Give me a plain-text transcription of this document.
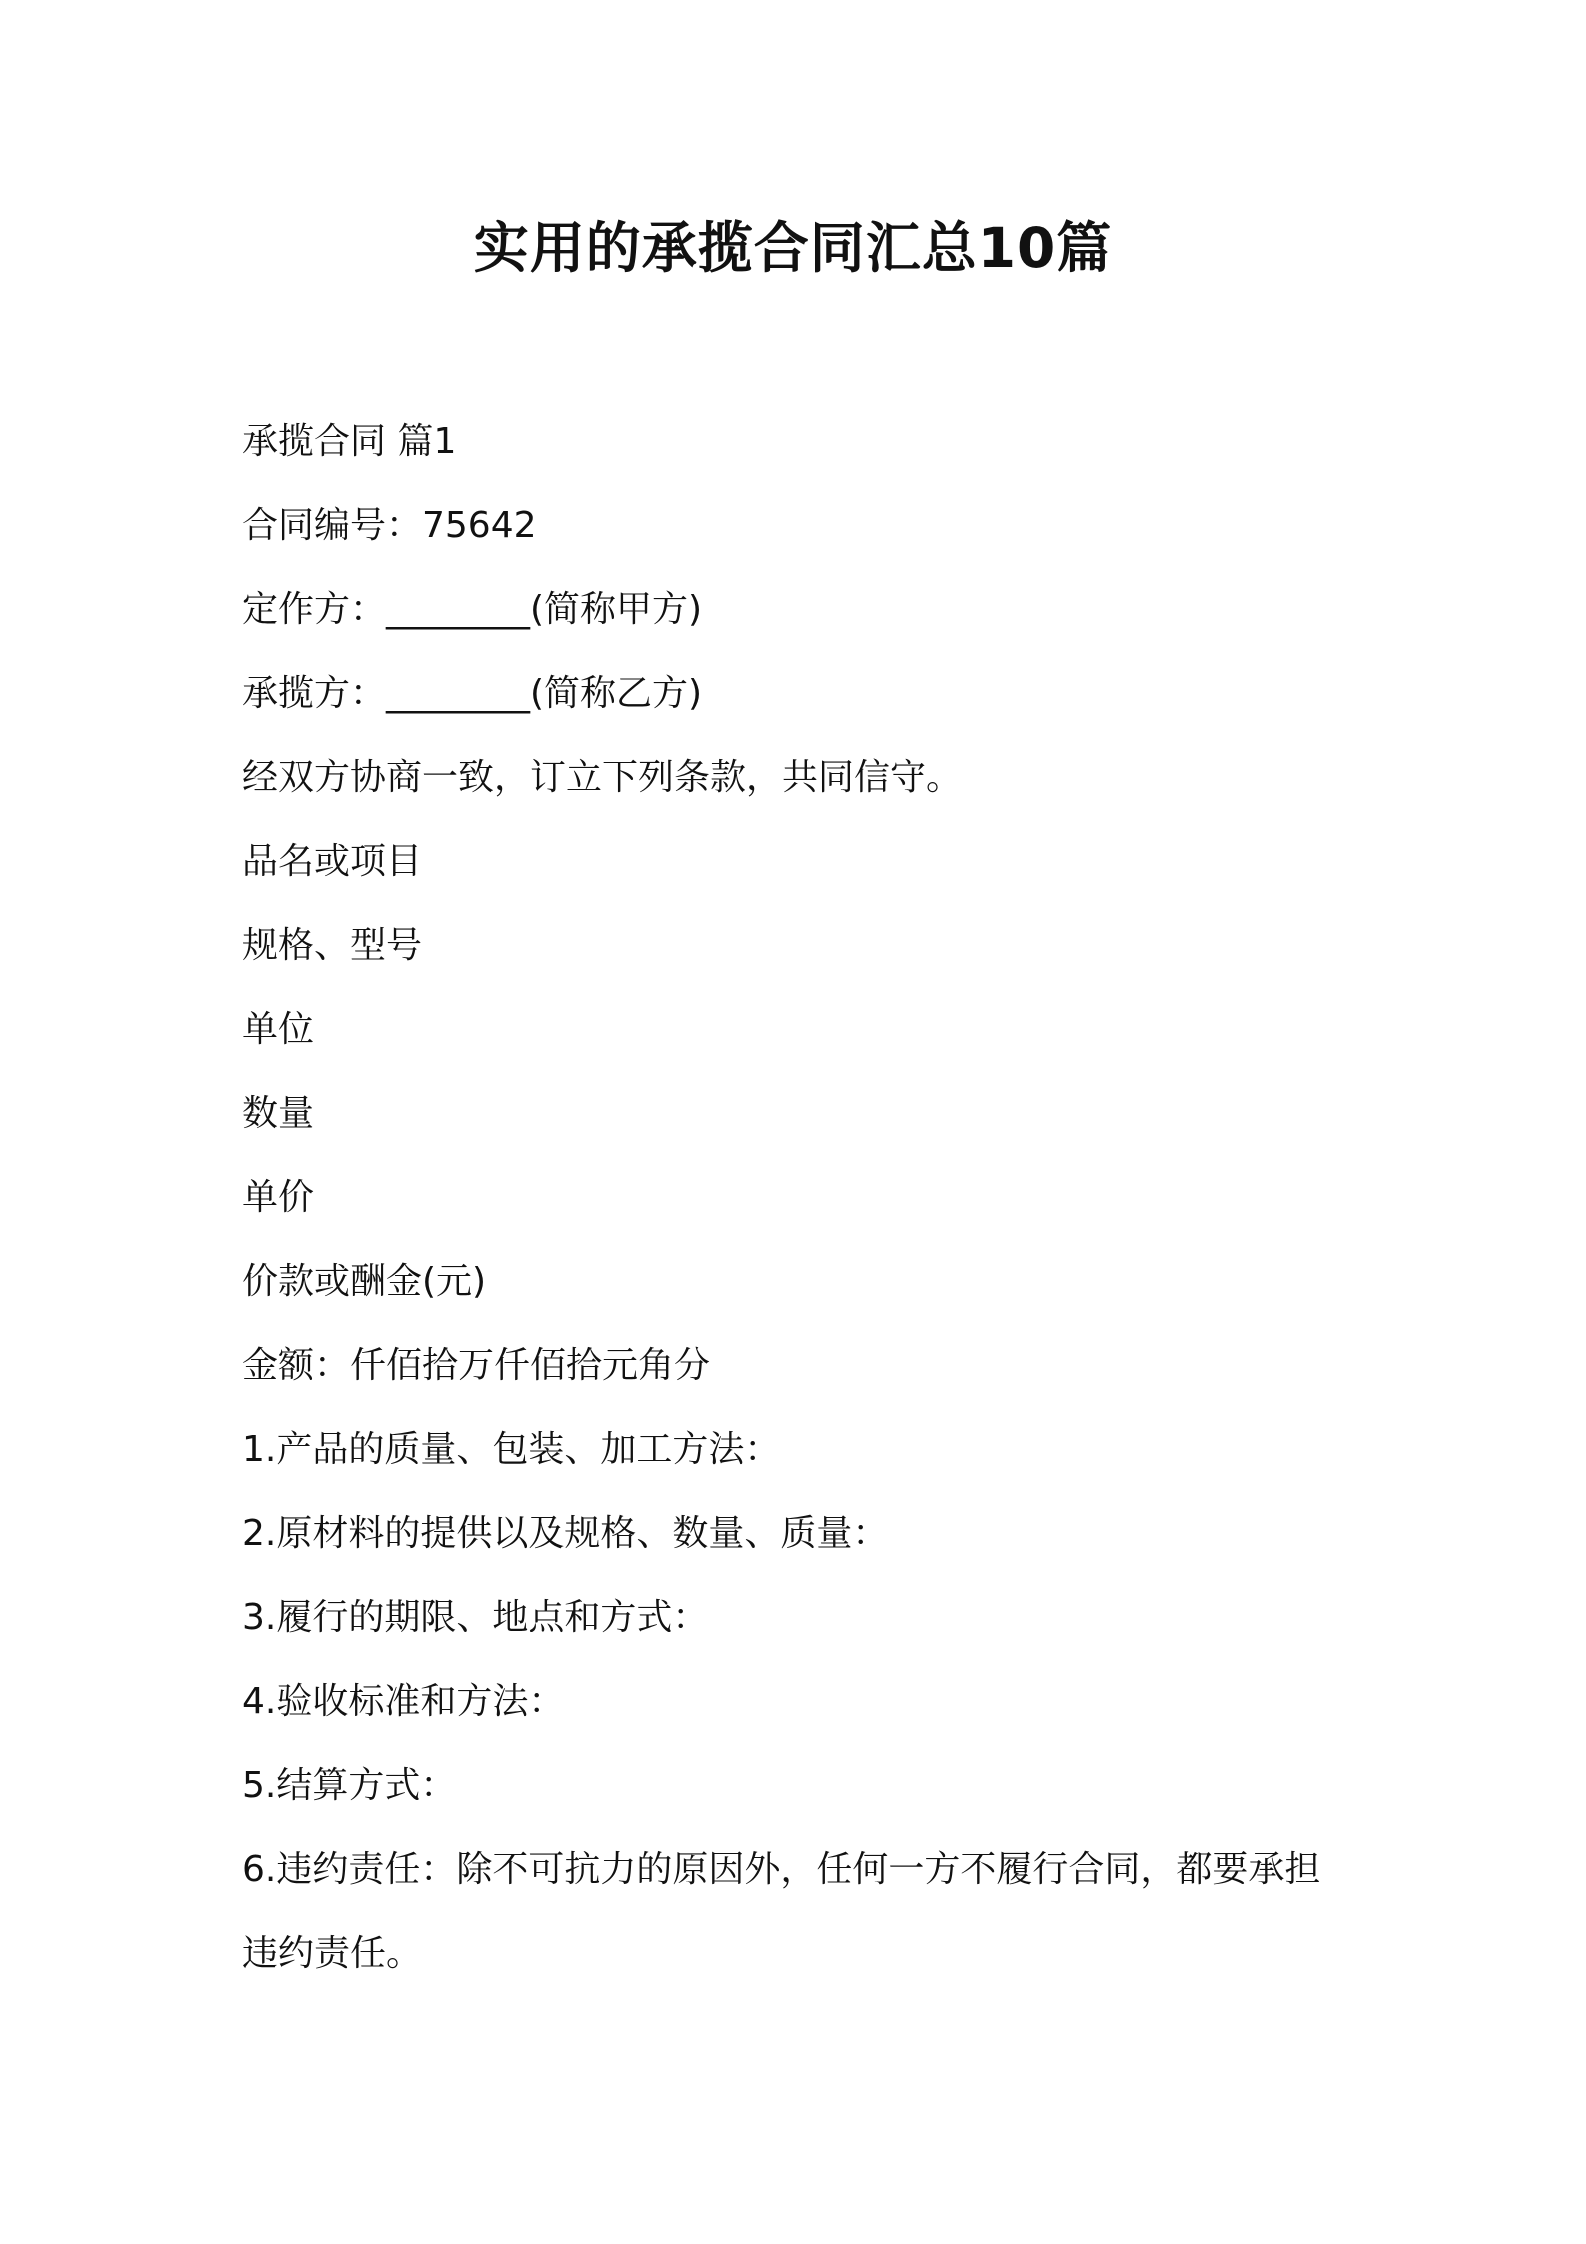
实用的承揽合同汇总10篇

承揽合同 篇1

合同编号：75642

定作方：________(简称甲方)

承揽方：________(简称乙方)

经双方协商一致，订立下列条款，共同信守。

品名或项目

规格、型号

单位

数量

单价

价款或酬金(元)

金额：仟佰拾万仟佰拾元角分

1.产品的质量、包装、加工方法：

2.原材料的提供以及规格、数量、质量：

3.履行的期限、地点和方式：

4.验收标准和方法：

5.结算方式：

6.违约责任：除不可抗力的原因外，任何一方不履行合同，都要承担

违约责任。
